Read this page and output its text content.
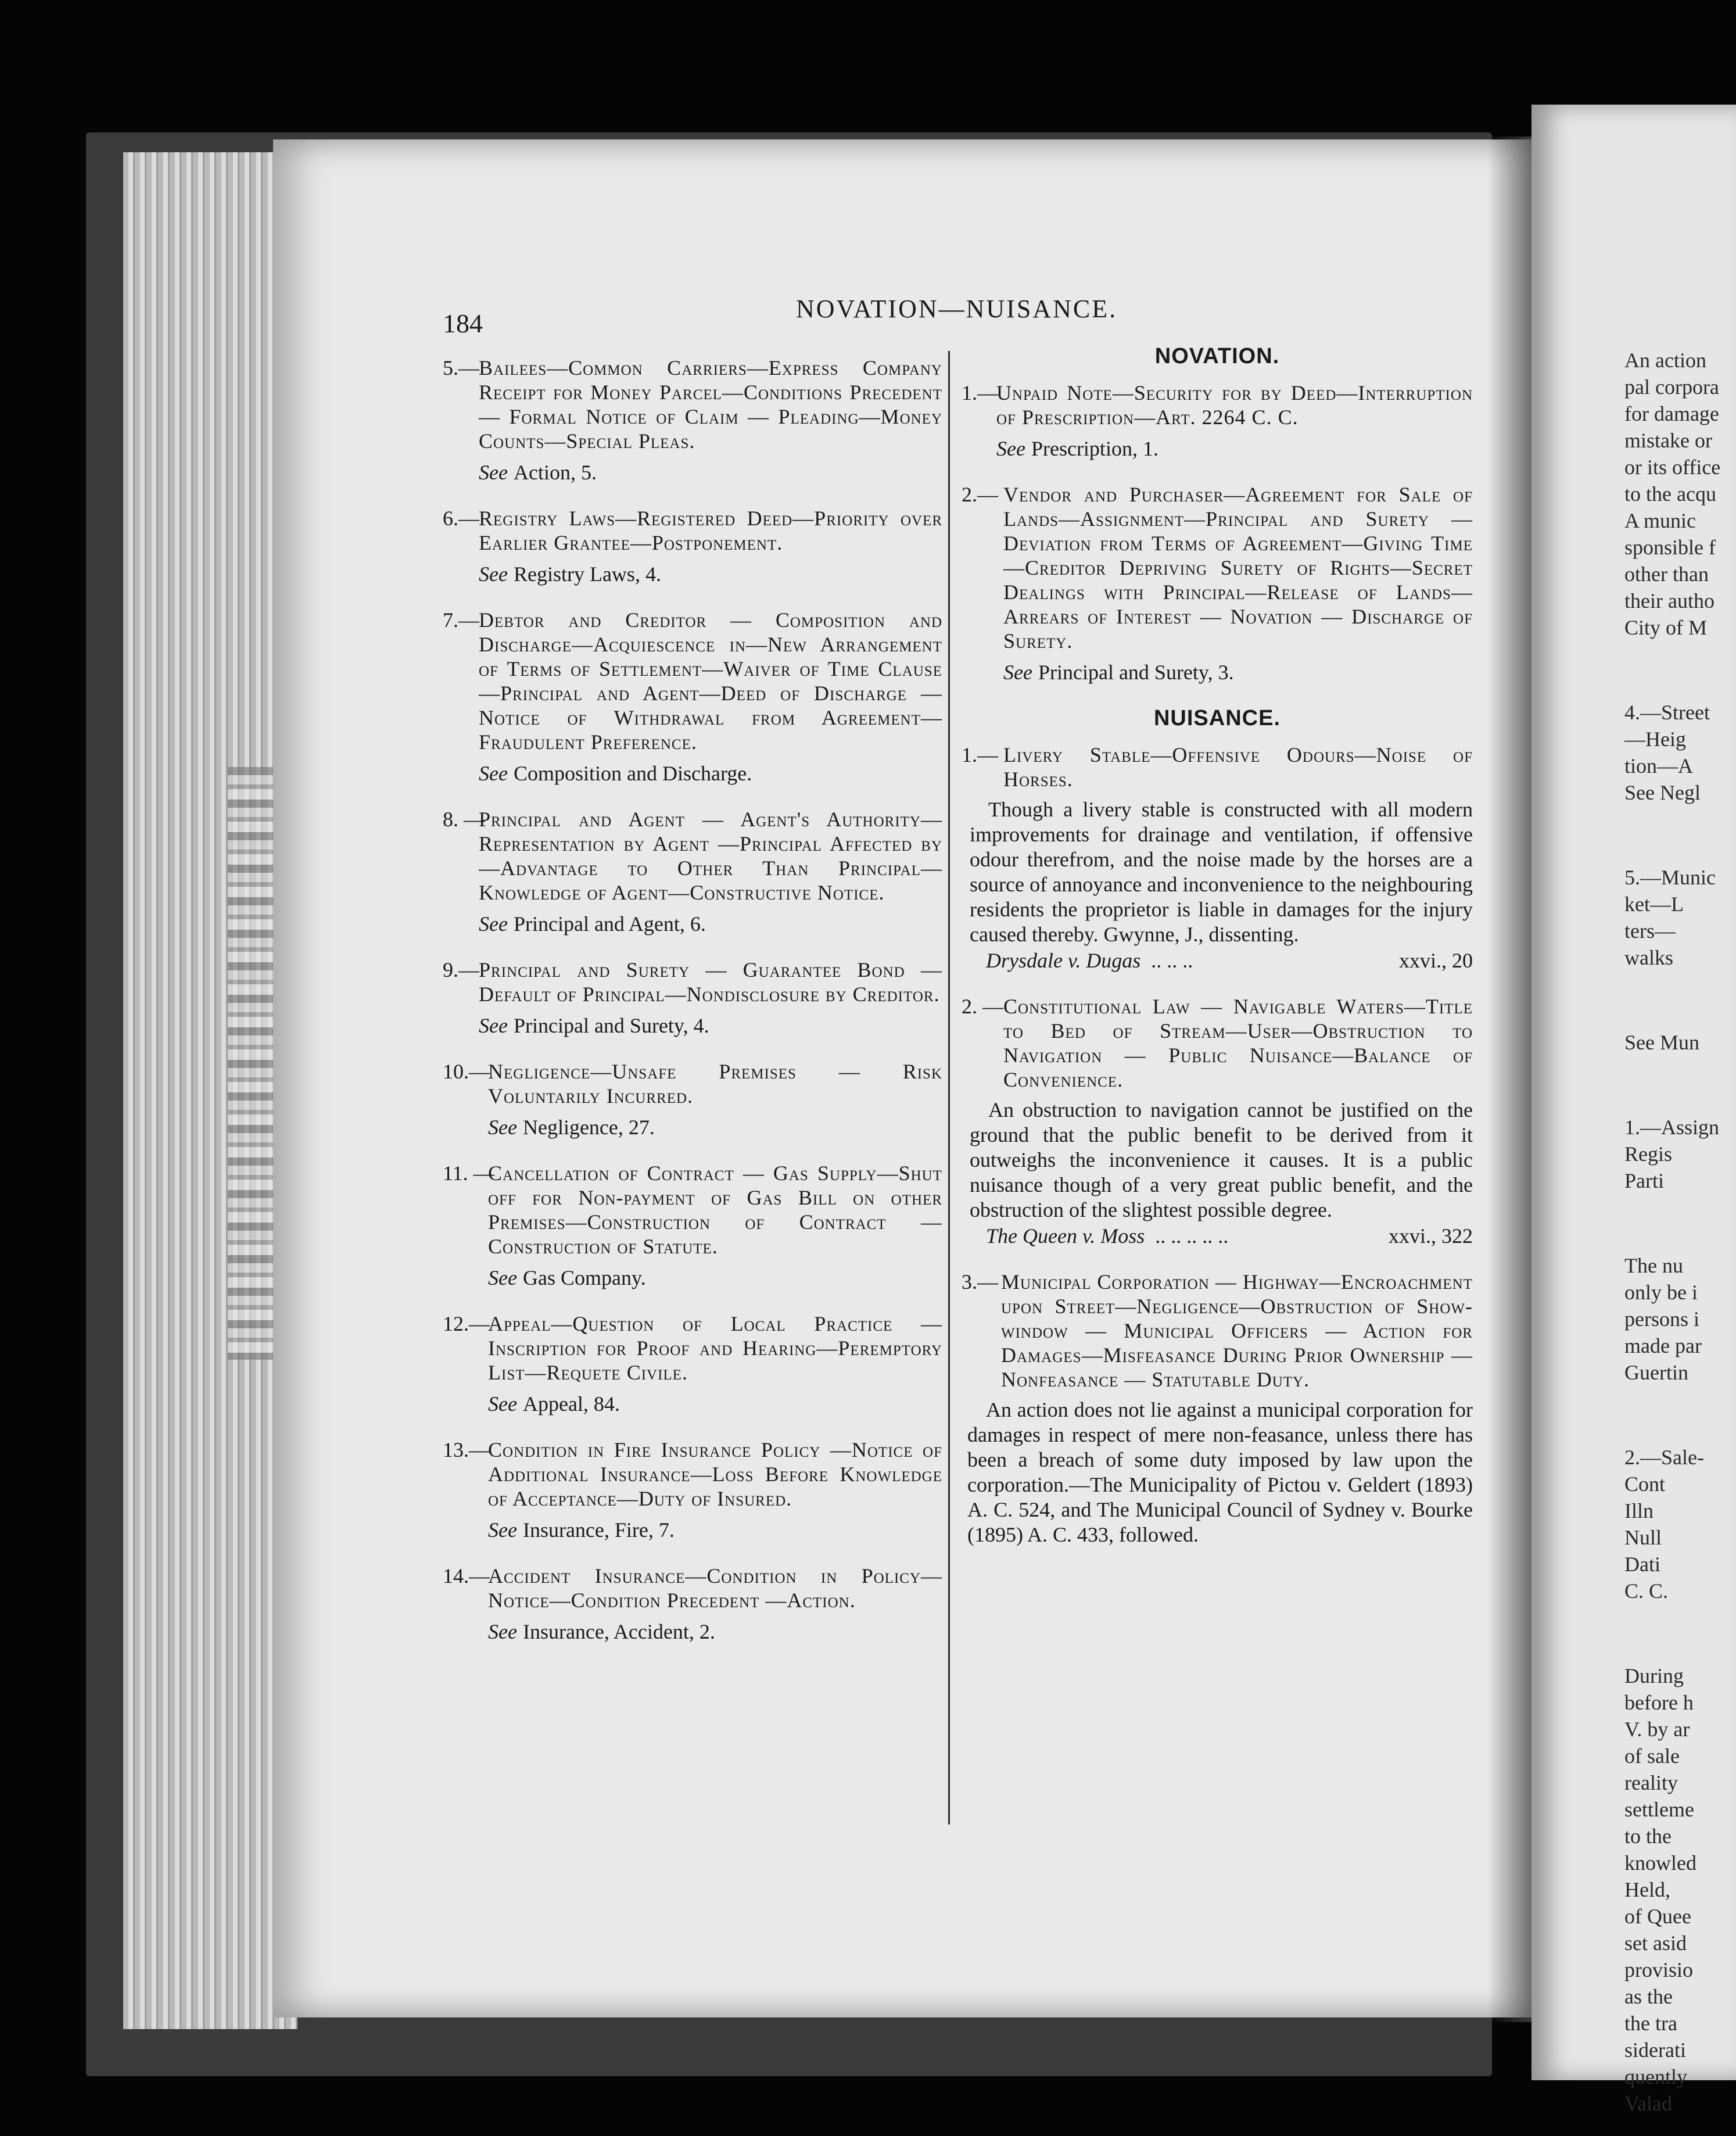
An action
pal corpora
for damage
mistake or
or its office
to the acqu
A munic
sponsible f
other than
their autho
City of M
4.—Street
—Heig
tion—A
See Negl
5.—Munic
ket—L
ters—
walks
See Mun
1.—Assign
Regis
Parti
The nu
only be i
persons i
made par
Guertin
2.—Sale-
Cont
Illn
Null
Dati
C. C.
During
before h
V. by ar
of sale
reality
settleme
to the
knowled
Held,
of Quee
set asid
provisio
as the
the tra
siderati
quently
Valad
184	NOVATION—NUISANCE.
5.— Bailees—Common Carriers—Express Company Receipt for Money Parcel—Conditions Precedent — Formal Notice of Claim — Pleading—Money Counts—Special Pleas.
See Action, 5.
6.— Registry Laws—Registered Deed—Priority over Earlier Grantee—Postponement.
See Registry Laws, 4.
7.— Debtor and Creditor — Composition and Discharge—Acquiescence in—New Arrangement of Terms of Settlement—Waiver of Time Clause—Principal and Agent—Deed of Discharge — Notice of Withdrawal from Agreement—Fraudulent Preference.
See Composition and Discharge.
8. —
Principal and Agent — Agent's Authority—Representation by Agent —Principal Affected by—Advantage to Other Than Principal—Knowledge of Agent—Constructive Notice.
See Principal and Agent, 6.
9.— Principal and Surety — Guarantee Bond — Default of Principal—Nondisclosure by Creditor.
See Principal and Surety, 4.
10.—
Negligence—Unsafe Premises — Risk Voluntarily Incurred.
See Negligence, 27.
11. —
Cancellation of Contract — Gas Supply—Shut off for Non-payment of Gas Bill on other Premises—Construction of Contract — Construction of Statute.
See Gas Company.
12.—
Appeal—Question of Local Practice — Inscription for Proof and Hearing—Peremptory List—Requete Civile.
See Appeal, 84.
13.—
Condition in Fire Insurance Policy —Notice of Additional Insurance—Loss Before Knowledge of Acceptance—Duty of Insured.
See Insurance, Fire, 7.
14.—
Accident Insurance—Condition in Policy—Notice—Condition Precedent —Action.
See Insurance, Accident, 2.
NOVATION.
1.—
Unpaid Note—Security for by Deed—Interruption of Prescription—Art. 2264 C. C.
See Prescription, 1.
2.— Vendor and Purchaser—Agreement for Sale of Lands—Assignment—Principal and Surety — Deviation from Terms of Agreement—Giving Time—Creditor Depriving Surety of Rights—Secret Dealings with Principal—Release of Lands—Arrears of Interest — Novation — Discharge of Surety.
See Principal and Surety, 3.
NUISANCE.
1.— Livery Stable—Offensive Odours—Noise of Horses.
Though a livery stable is constructed with all modern improvements for drainage and ventilation, if offensive odour therefrom, and the noise made by the horses are a source of annoyance and inconvenience to the neighbouring residents the proprietor is liable in damages for the injury caused thereby. Gwynne, J., dissenting.
Drysdale v. Dugas .. .. ..	xxvi., 20
2. — Constitutional Law — Navigable Waters—Title to Bed of Stream—User—Obstruction to Navigation — Public Nuisance—Balance of Convenience.
An obstruction to navigation cannot be justified on the ground that the public benefit to be derived from it outweighs the inconvenience it causes. It is a public nuisance though of a very great public benefit, and the obstruction of the slightest possible degree.
The Queen v. Moss .. .. .. .. ..	xxvi., 322
3.— Municipal Corporation — Highway—Encroachment upon Street—Negligence—Obstruction of Show-window — Municipal Officers — Action for Damages—Misfeasance During Prior Ownership — Nonfeasance — Statutable Duty.
An action does not lie against a municipal corporation for damages in respect of mere non-feasance, unless there has been a breach of some duty imposed by law upon the corporation.—The Municipality of Pictou v. Geldert (1893) A. C. 524, and The Municipal Council of Sydney v. Bourke (1895) A. C. 433, followed.
